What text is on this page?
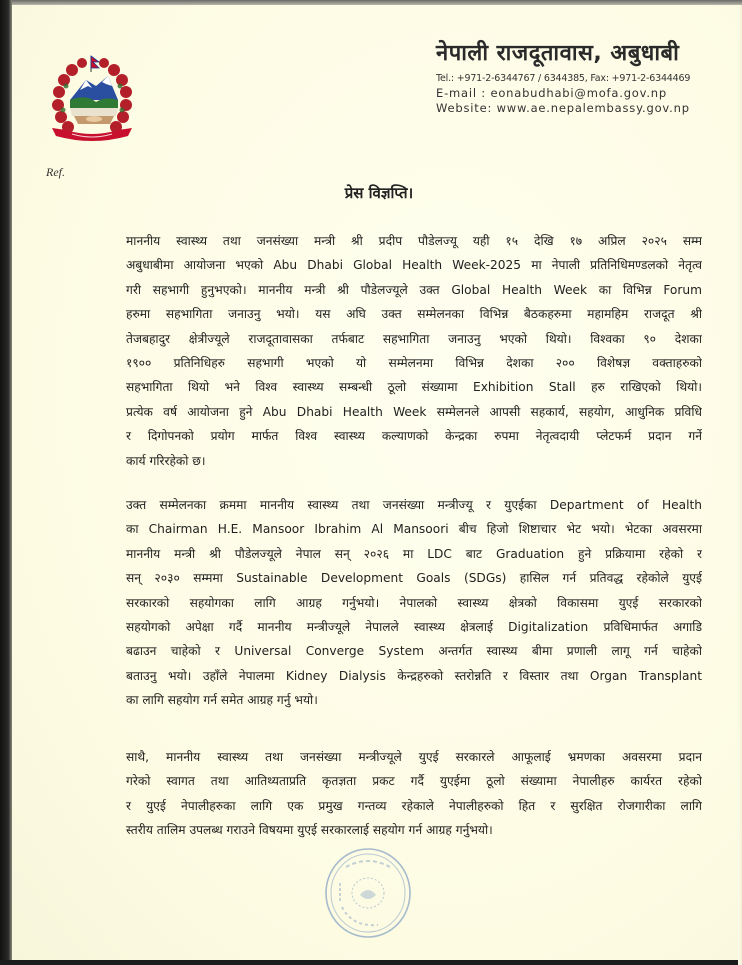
नेपाली राजदूतावास, अबुधाबी
Tel.: +971-2-6344767 / 6344385, Fax: +971-2-6344469
E-mail : eonabudhabi@mofa.gov.np
Website: www.ae.nepalembassy.gov.np
Ref.
प्रेस विज्ञप्ति।
माननीय स्वास्थ्य तथा जनसंख्या मन्त्री श्री प्रदीप पौडेलज्यू यही १५ देखि १७ अप्रिल २०२५ सम्म
अबुधाबीमा आयोजना भएको Abu Dhabi Global Health Week-2025 मा नेपाली प्रतिनिधिमण्डलको नेतृत्व
गरी सहभागी हुनुभएको। माननीय मन्त्री श्री पौडेलज्यूले उक्त Global Health Week का विभिन्न Forum
हरुमा सहभागिता जनाउनु भयो। यस अघि उक्त सम्मेलनका विभिन्न बैठकहरुमा महामहिम राजदूत श्री
तेजबहादुर क्षेत्रीज्यूले राजदूतावासका तर्फबाट सहभागिता जनाउनु भएको थियो। विश्वका ९० देशका
१९०० प्रतिनिधिहरु सहभागी भएको यो सम्मेलनमा विभिन्न देशका २०० विशेषज्ञ वक्ताहरुको
सहभागिता थियो भने विश्व स्वास्थ्य सम्बन्धी ठूलो संख्यामा Exhibition Stall हरु राखिएको थियो।
प्रत्येक वर्ष आयोजना हुने Abu Dhabi Health Week सम्मेलनले आपसी सहकार्य, सहयोग, आधुनिक प्रविधि
र दिगोपनको प्रयोग मार्फत विश्व स्वास्थ्य कल्याणको केन्द्रका रुपमा नेतृत्वदायी प्लेटफर्म प्रदान गर्ने
कार्य गरिरहेको छ।
उक्त सम्मेलनका क्रममा माननीय स्वास्थ्य तथा जनसंख्या मन्त्रीज्यू र युएईका Department of Health
का Chairman H.E. Mansoor Ibrahim Al Mansoori बीच हिजो शिष्टाचार भेट भयो। भेटका अवसरमा
माननीय मन्त्री श्री पौडेलज्यूले नेपाल सन् २०२६ मा LDC बाट Graduation हुने प्रक्रियामा रहेको र
सन् २०३० सम्ममा Sustainable Development Goals (SDGs) हासिल गर्न प्रतिवद्ध रहेकोले युएई
सरकारको सहयोगका लागि आग्रह गर्नुभयो। नेपालको स्वास्थ्य क्षेत्रको विकासमा युएई सरकारको
सहयोगको अपेक्षा गर्दै माननीय मन्त्रीज्यूले नेपालले स्वास्थ्य क्षेत्रलाई Digitalization प्रविधिमार्फत अगाडि
बढाउन चाहेको र Universal Converge System अन्तर्गत स्वास्थ्य बीमा प्रणाली लागू गर्न चाहेको
बताउनु भयो। उहाँले नेपालमा Kidney Dialysis केन्द्रहरुको स्तरोन्नति र विस्तार तथा Organ Transplant
का लागि सहयोग गर्न समेत आग्रह गर्नु भयो।
साथै, माननीय स्वास्थ्य तथा जनसंख्या मन्त्रीज्यूले युएई सरकारले आफूलाई भ्रमणका अवसरमा प्रदान
गरेको स्वागत तथा आतिथ्यताप्रति कृतज्ञता प्रकट गर्दै युएईमा ठूलो संख्यामा नेपालीहरु कार्यरत रहेको
र युएई नेपालीहरुका लागि एक प्रमुख गन्तव्य रहेकाले नेपालीहरुको हित र सुरक्षित रोजगारीका लागि
स्तरीय तालिम उपलब्ध गराउने विषयमा युएई सरकारलाई सहयोग गर्न आग्रह गर्नुभयो।
